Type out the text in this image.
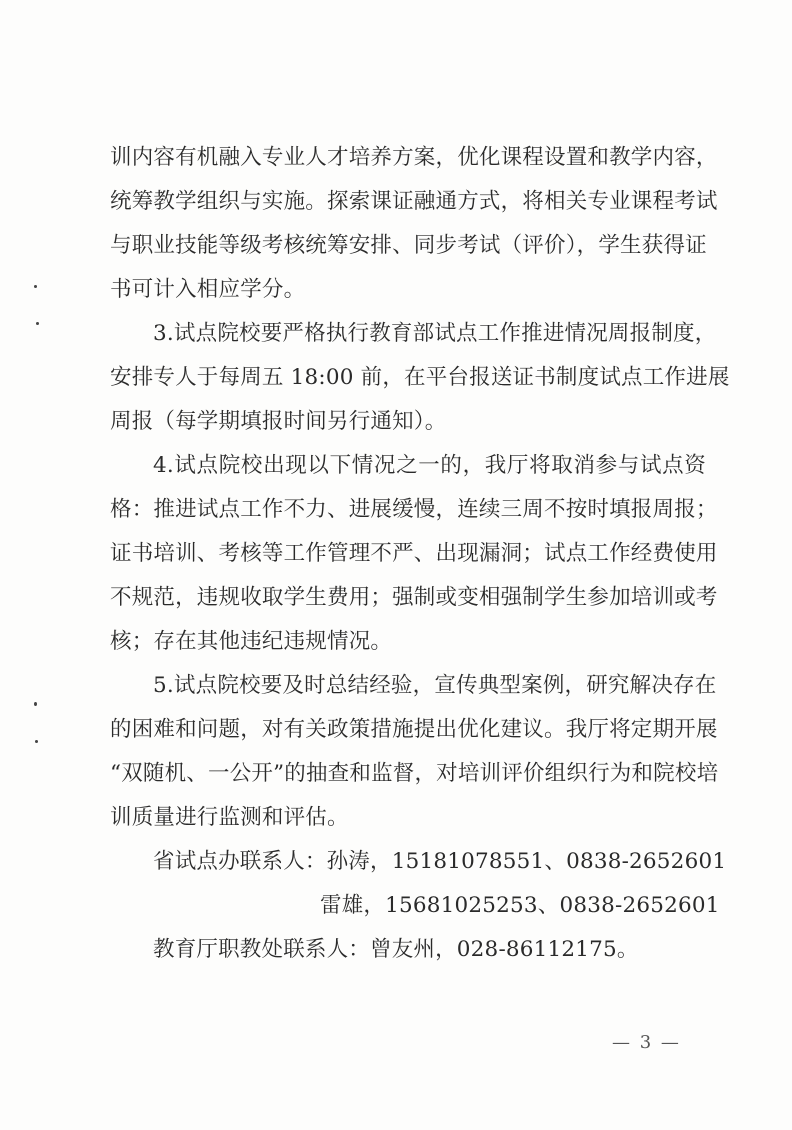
训内容有机融入专业人才培养方案，优化课程设置和教学内容，
统筹教学组织与实施。探索课证融通方式，将相关专业课程考试
与职业技能等级考核统筹安排、同步考试（评价），学生获得证
书可计入相应学分。
3.试点院校要严格执行教育部试点工作推进情况周报制度，
安排专人于每周五 18:00 前，在平台报送证书制度试点工作进展
周报（每学期填报时间另行通知）。
4.试点院校出现以下情况之一的，我厅将取消参与试点资
格：推进试点工作不力、进展缓慢，连续三周不按时填报周报；
证书培训、考核等工作管理不严、出现漏洞；试点工作经费使用
不规范，违规收取学生费用；强制或变相强制学生参加培训或考
核；存在其他违纪违规情况。
5.试点院校要及时总结经验，宣传典型案例，研究解决存在
的困难和问题，对有关政策措施提出优化建议。我厅将定期开展
“双随机、一公开”的抽查和监督，对培训评价组织行为和院校培
训质量进行监测和评估。
省试点办联系人：孙涛，15181078551、0838-2652601
雷雄，15681025253、0838-2652601
教育厅职教处联系人：曾友州，028-86112175。
— 3 —
